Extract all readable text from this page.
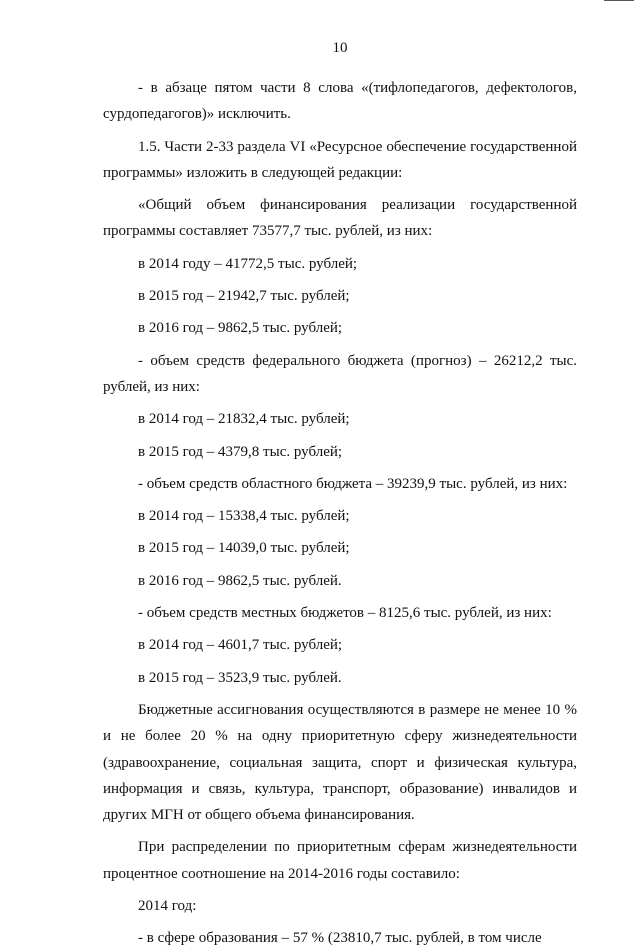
10

- в абзаце пятом части 8 слова «(тифлопедагогов, дефектологов, сурдопедагогов)» исключить.

1.5. Части 2-33 раздела VI «Ресурсное обеспечение государственной программы» изложить в следующей редакции:

«Общий объем финансирования реализации государственной программы составляет 73577,7 тыс. рублей, из них:

в 2014 году – 41772,5 тыс. рублей;

в 2015 год – 21942,7 тыс. рублей;

в 2016 год – 9862,5 тыс. рублей;

- объем средств федерального бюджета (прогноз) – 26212,2 тыс. рублей, из них:

в 2014 год – 21832,4 тыс. рублей;

в 2015 год – 4379,8 тыс. рублей;

- объем средств областного бюджета – 39239,9 тыс. рублей, из них:

в 2014 год – 15338,4 тыс. рублей;

в 2015 год – 14039,0 тыс. рублей;

в 2016 год – 9862,5 тыс. рублей.

- объем средств местных бюджетов – 8125,6 тыс. рублей, из них:

в 2014 год – 4601,7 тыс. рублей;

в 2015 год – 3523,9 тыс. рублей.

Бюджетные ассигнования осуществляются в размере не менее 10 % и не более 20 % на одну приоритетную сферу жизнедеятельности (здравоохранение, социальная защита, спорт и физическая культура, информация и связь, культура, транспорт, образование) инвалидов и других МГН от общего объема финансирования.

При распределении по приоритетным сферам жизнедеятельности процентное соотношение на 2014-2016 годы составило:

2014 год:

- в сфере образования – 57 % (23810,7 тыс. рублей, в том числе
